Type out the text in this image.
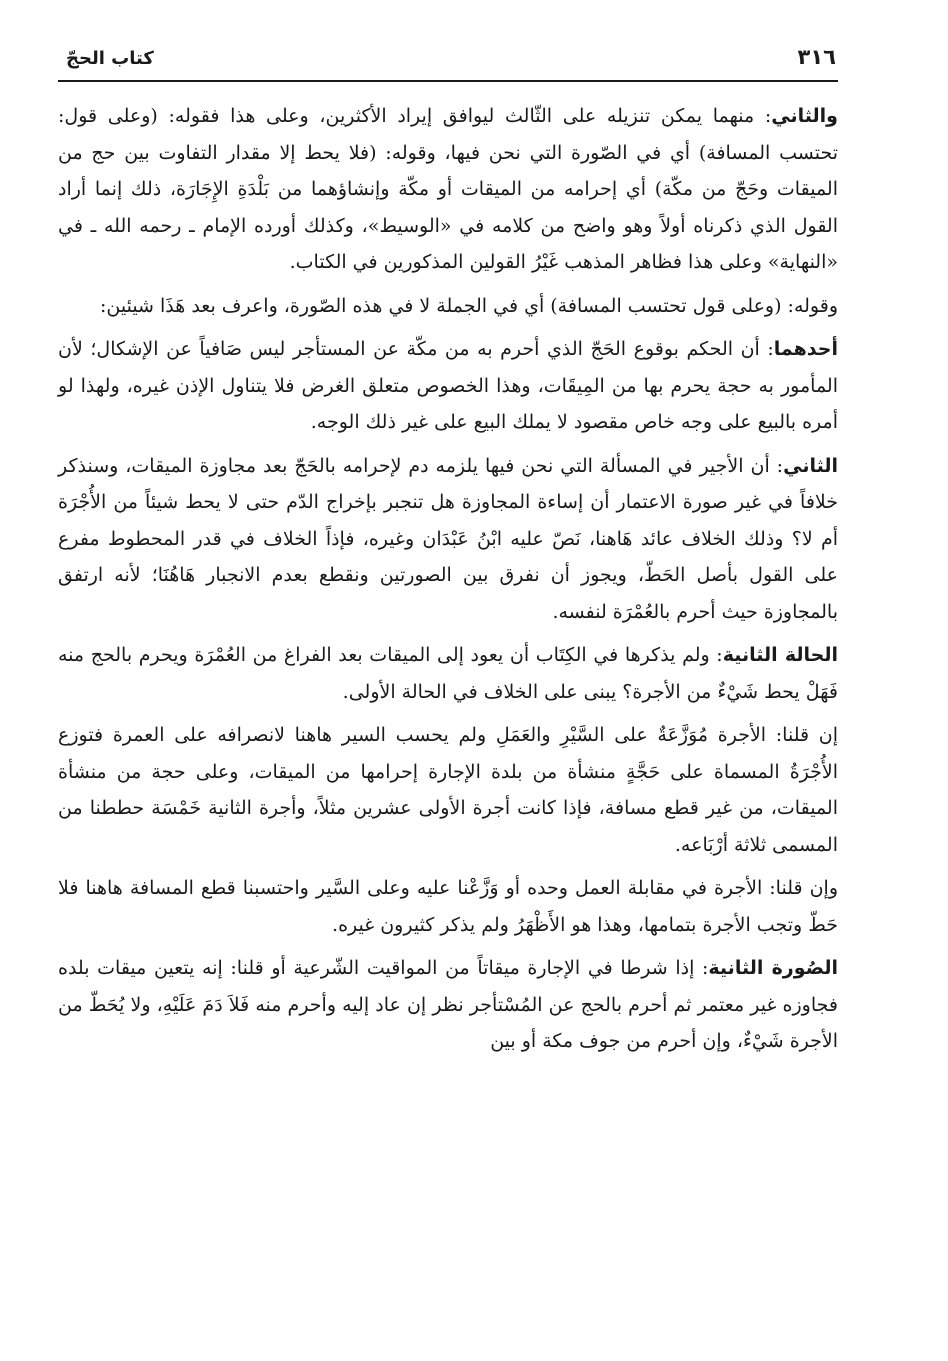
٣١٦
كتاب الحجّ

والثاني: منهما يمكن تنزيله على الثّالث ليوافق إيراد الأكثرين، وعلى هذا فقوله: (وعلى قول: تحتسب المسافة) أي في الصّورة التي نحن فيها، وقوله: (فلا يحط إلا مقدار التفاوت بين حج من الميقات وحَجّ من مكّة) أي إحرامه من الميقات أو مكّة وإنشاؤهما من بَلْدَةِ الإِجَارَة، ذلك إنما أراد القول الذي ذكرناه أولاً وهو واضح من كلامه في «الوسيط»، وكذلك أورده الإمام ـ رحمه الله ـ في «النهاية» وعلى هذا فظاهر المذهب غَيْرُ القولين المذكورين في الكتاب.

وقوله: (وعلى قول تحتسب المسافة) أي في الجملة لا في هذه الصّورة، واعرف بعد هَذَا شيئين:

أحدهما: أن الحكم بوقوع الحَجّ الذي أحرم به من مكّة عن المستأجر ليس صَافياً عن الإشكال؛ لأن المأمور به حجة يحرم بها من المِيقَات، وهذا الخصوص متعلق الغرض فلا يتناول الإذن غيره، ولهذا لو أمره بالبيع على وجه خاص مقصود لا يملك البيع على غير ذلك الوجه.

الثاني: أن الأجير في المسألة التي نحن فيها يلزمه دم لإحرامه بالحَجّ بعد مجاوزة الميقات، وسنذكر خلافاً في غير صورة الاعتمار أن إساءة المجاوزة هل تنجبر بإخراج الدّم حتى لا يحط شيئاً من الأُجْرَة أم لا؟ وذلك الخلاف عائد هَاهنا، نَصّ عليه ابْنُ عَبْدَان وغيره، فإذاً الخلاف في قدر المحطوط مفرع على القول بأصل الحَطّ، ويجوز أن نفرق بين الصورتين ونقطع بعدم الانجبار هَاهُنَا؛ لأنه ارتفق بالمجاوزة حيث أحرم بالعُمْرَة لنفسه.

الحالة الثانية: ولم يذكرها في الكِتَاب أن يعود إلى الميقات بعد الفراغ من العُمْرَة ويحرم بالحج منه فَهَلْ يحط شَيْءٌ من الأجرة؟ يبنى على الخلاف في الحالة الأولى.

إن قلنا: الأجرة مُوَزَّعَةٌ على السَّيْرِ والعَمَلِ ولم يحسب السير هاهنا لانصرافه على العمرة فتوزع الأُجْرَةُ المسماة على حَجَّةٍ منشأة من بلدة الإجارة إحرامها من الميقات، وعلى حجة من منشأة الميقات، من غير قطع مسافة، فإذا كانت أجرة الأولى عشرين مثلاً، وأجرة الثانية خَمْسَة حططنا من المسمى ثلاثة أرْبَاعه.

وإن قلنا: الأجرة في مقابلة العمل وحده أو وَزَّعْنا عليه وعلى السَّير واحتسبنا قطع المسافة هاهنا فلا حَطّ وتجب الأجرة بتمامها، وهذا هو الأَظْهَرُ ولم يذكر كثيرون غيره.

الصُورة الثانية: إذا شرطا في الإجارة ميقاتاً من المواقيت الشّرعية أو قلنا: إنه يتعين ميقات بلده فجاوزه غير معتمر ثم أحرم بالحج عن المُسْتأجر نظر إن عاد إليه وأحرم منه فَلاَ دَمَ عَلَيْهِ، ولا يُحَطّ من الأجرة شَيْءٌ، وإن أحرم من جوف مكة أو بين
